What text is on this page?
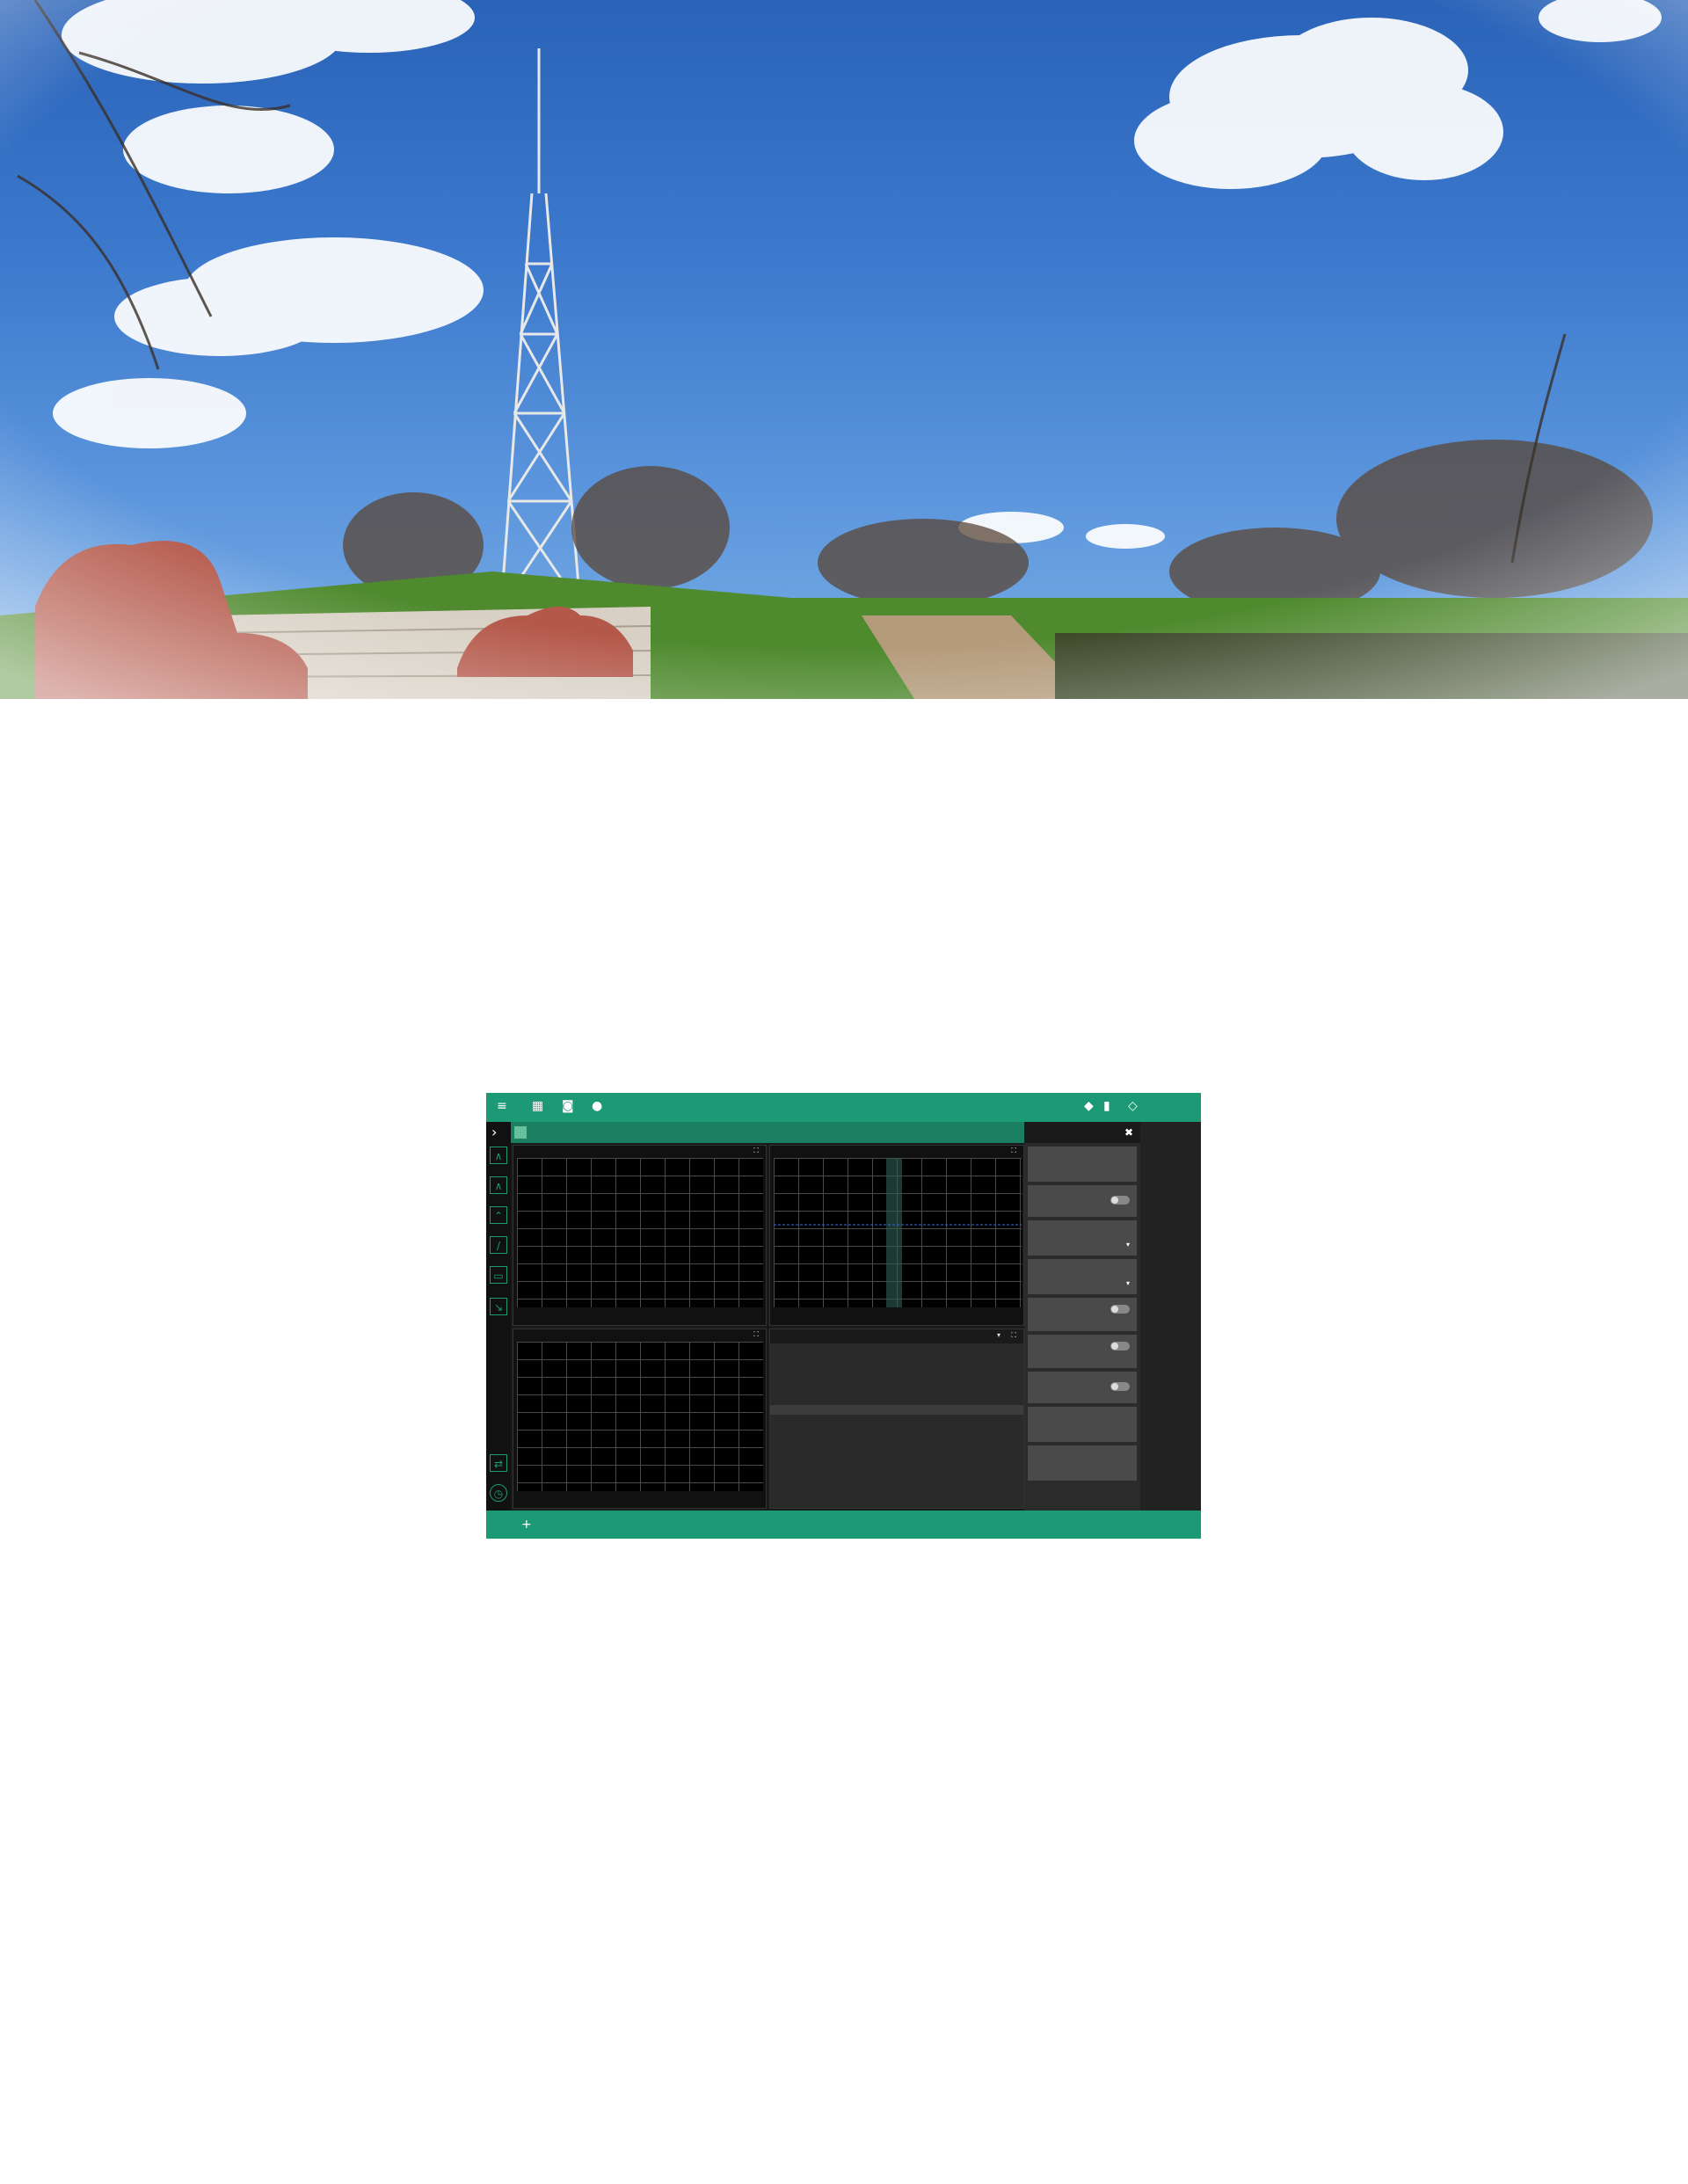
≡ ▦ ◙ ●	◆ ▮ ◇
›
∧
∧
⌃
/
▭
↘
⇄
◷
⛶	⛶
⛶	▾ ⛶
✖
▾
▾
+
